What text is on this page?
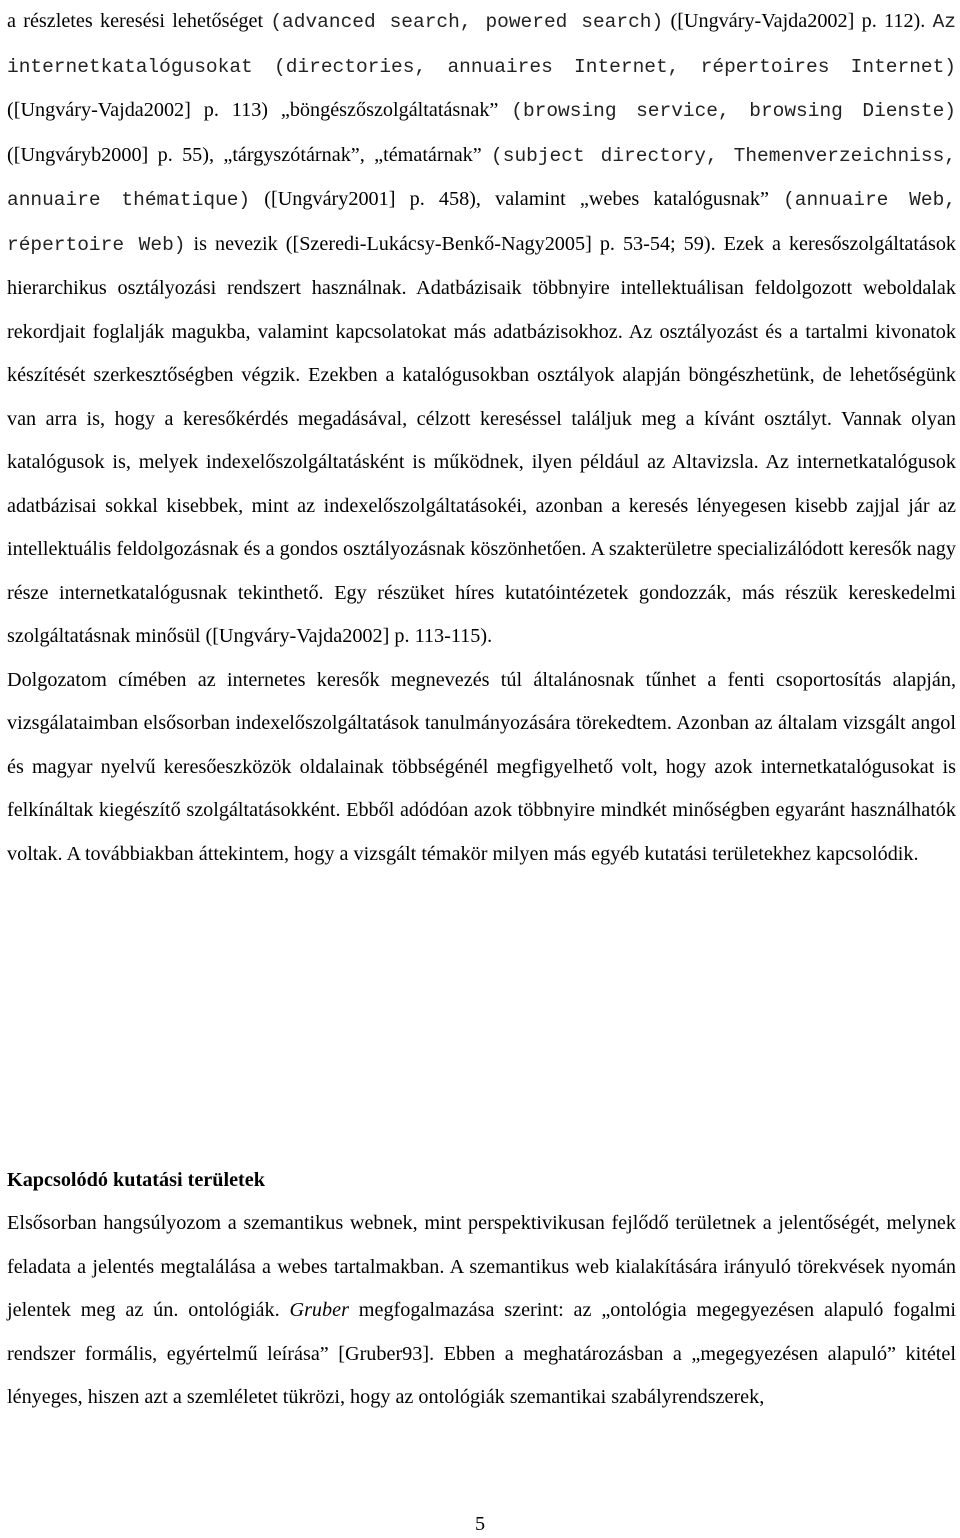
a részletes keresési lehetőséget (advanced search, powered search) ([Ungváry-Vajda2002] p. 112). Az internetkatalógusokat (directories, annuaires Internet, répertoires Internet) ([Ungváry-Vajda2002] p. 113) „böngészőszolgáltatásnak” (browsing service, browsing Dienste) ([Ungváryb2000] p. 55), „tárgyszótárnak”, „tématárnak” (subject directory, Themenverzeichniss, annuaire thématique) ([Ungváry2001] p. 458), valamint „webes katalógusnak” (annuaire Web, répertoire Web) is nevezik ([Szeredi-Lukácsy-Benkő-Nagy2005] p. 53-54; 59). Ezek a keresőszolgáltatások hierarchikus osztályozási rendszert használnak. Adatbázisaik többnyire intellektuálisan feldolgozott weboldalak rekordjait foglalják magukba, valamint kapcsolatokat más adatbázisokhoz. Az osztályozást és a tartalmi kivonatok készítését szerkesztőségben végzik. Ezekben a katalógusokban osztályok alapján böngészhetünk, de lehetőségünk van arra is, hogy a keresőkérdés megadásával, célzott kereséssel találjuk meg a kívánt osztályt. Vannak olyan katalógusok is, melyek indexelőszolgáltatásként is működnek, ilyen például az Altavizsla. Az internetkatalógusok adatbázisai sokkal kisebbek, mint az indexelőszolgáltatásokéi, azonban a keresés lényegesen kisebb zajjal jár az intellektuális feldolgozásnak és a gondos osztályozásnak köszönhetően. A szakterületre specializálódott keresők nagy része internetkatalógusnak tekinthető. Egy részüket híres kutatóintézetek gondozzák, más részük kereskedelmi szolgáltatásnak minősül ([Ungváry-Vajda2002] p. 113-115).

Dolgozatom címében az internetes keresők megnevezés túl általánosnak tűnhet a fenti csoportosítás alapján, vizsgálataimban elsősorban indexelőszolgáltatások tanulmányozására törekedtem. Azonban az általam vizsgált angol és magyar nyelvű keresőeszközök oldalainak többségénél megfigyelhető volt, hogy azok internetkatalógusokat is felkínáltak kiegészítő szolgáltatásokként. Ebből adódóan azok többnyire mindkét minőségben egyaránt használhatók voltak. A továbbiakban áttekintem, hogy a vizsgált témakör milyen más egyéb kutatási területekhez kapcsolódik.

Kapcsolódó kutatási területek

Elsősorban hangsúlyozom a szemantikus webnek, mint perspektivikusan fejlődő területnek a jelentőségét, melynek feladata a jelentés megtalálása a webes tartalmakban. A szemantikus web kialakítására irányuló törekvések nyomán jelentek meg az ún. ontológiák. Gruber megfogalmazása szerint: az „ontológia megegyezésen alapuló fogalmi rendszer formális, egyértelmű leírása” [Gruber93]. Ebben a meghatározásban a „megegyezésen alapuló” kitétel lényeges, hiszen azt a szemléletet tükrözi, hogy az ontológiák szemantikai szabályrendszerek,

5
